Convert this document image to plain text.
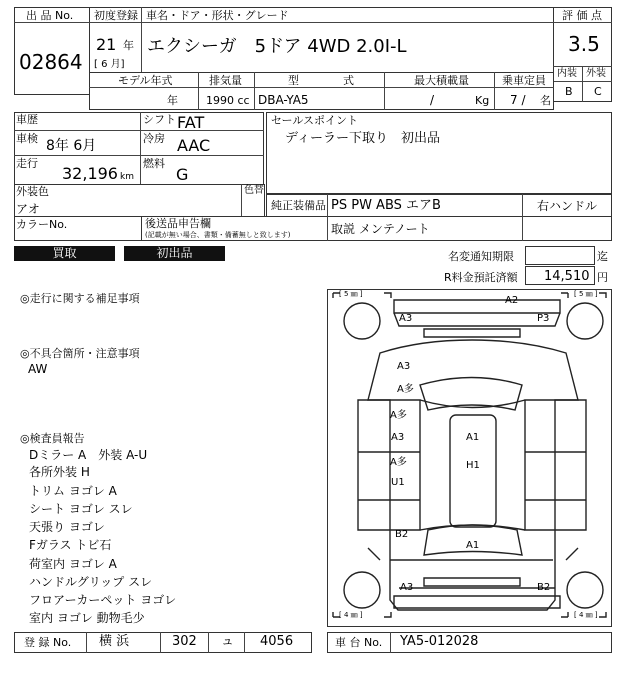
出 品 No.
02864
初度登録 車名・ドア・形状・グレード
21 年
[ 6 月]
エクシーガ　5ドア 4WD 2.0I-L
評 価 点
3.5
内装 外装
B C
モデル年式	排気量	型　　　　式	最大積載量	乗車定員
年	1990 cc DBA-YA5	/	Kg 7 / 名
車歴
車検 8年 6月
走行
32,196 km
シフト FAT
冷房 AAC
燃料
G
セールスポイント
ディーラー下取り　初出品
外装色
アオ
色替
純正装備品 PS PW ABS エアB	右ハンドル
カラーNo.	後送品申告欄
(記載が無い場合、書類・備蓄無しと致します)	取説 メンテノート
買取	初出品	名変通知期限	迄
R料金預託済額 14,510 円
◎走行に関する補足事項
◎不具合箇所・注意事項
AW
◎検査員報告
Dミラー A　外装 A-U
各所外装 H
トリム ヨゴレ A
シート ヨゴレ スレ
天張り ヨゴレ
Fガラス トビ石
荷室内 ヨゴレ A
ハンドルグリップ スレ
フロアーカーペット ヨゴレ
室内 ヨゴレ 動物毛少
[ 5 ㎜ ]	[ 5 ㎜ ]
[ 4 ㎜ ]	[ 4 ㎜ ]
A2
A3	P3
A3
A多
A多
A3
A多
U1
A1
H1
B2
A1
A3	B2
登 録 No. 横 浜	302 ュ 4056	車 台 No. YA5-012028
